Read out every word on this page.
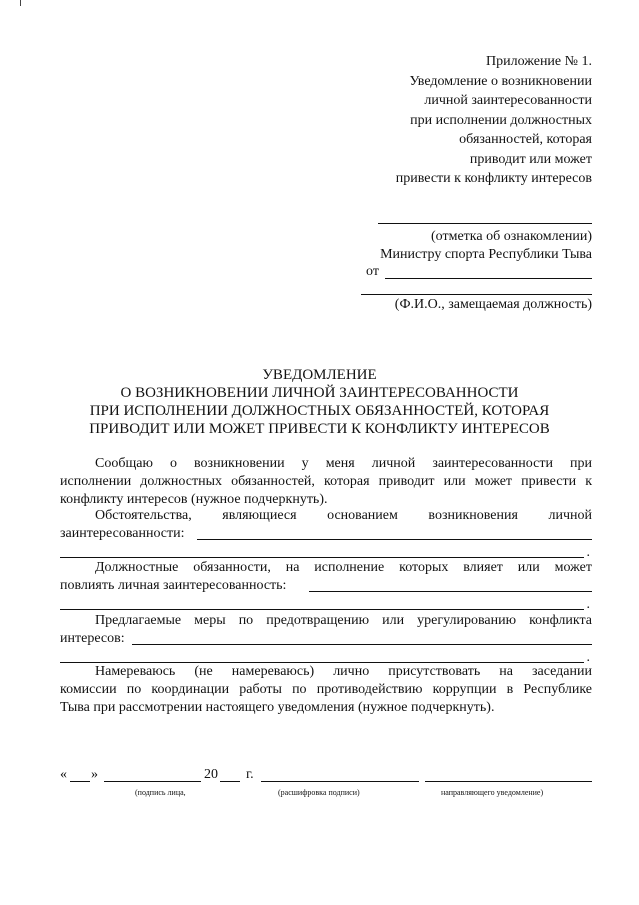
Приложение № 1.
Уведомление о возникновении
личной заинтересованности
при исполнении должностных
обязанностей, которая
приводит или может
привести к конфликту интересов
(отметка об ознакомлении)
Министру спорта Республики Тыва
от
(Ф.И.О., замещаемая должность)
УВЕДОМЛЕНИЕ
О ВОЗНИКНОВЕНИИ ЛИЧНОЙ ЗАИНТЕРЕСОВАННОСТИ
ПРИ ИСПОЛНЕНИИ ДОЛЖНОСТНЫХ ОБЯЗАННОСТЕЙ, КОТОРАЯ
ПРИВОДИТ ИЛИ МОЖЕТ ПРИВЕСТИ К КОНФЛИКТУ ИНТЕРЕСОВ
Сообщаю о возникновении у меня личной заинтересованности при
исполнении должностных обязанностей, которая приводит или может привести к
конфликту интересов (нужное подчеркнуть).
Обстоятельства, являющиеся основанием возникновения личной
заинтересованности:
.
Должностные обязанности, на исполнение которых влияет или может
повлиять личная заинтересованность:
.
Предлагаемые меры по предотвращению или урегулированию конфликта
интересов:
.
Намереваюсь (не намереваюсь) лично присутствовать на заседании
комиссии по координации работы по противодействию коррупции в Республике
Тыва при рассмотрении настоящего уведомления (нужное подчеркнуть).
« »	20 г.
(подпись лица,	(расшифровка подписи)	направляющего уведомление)
